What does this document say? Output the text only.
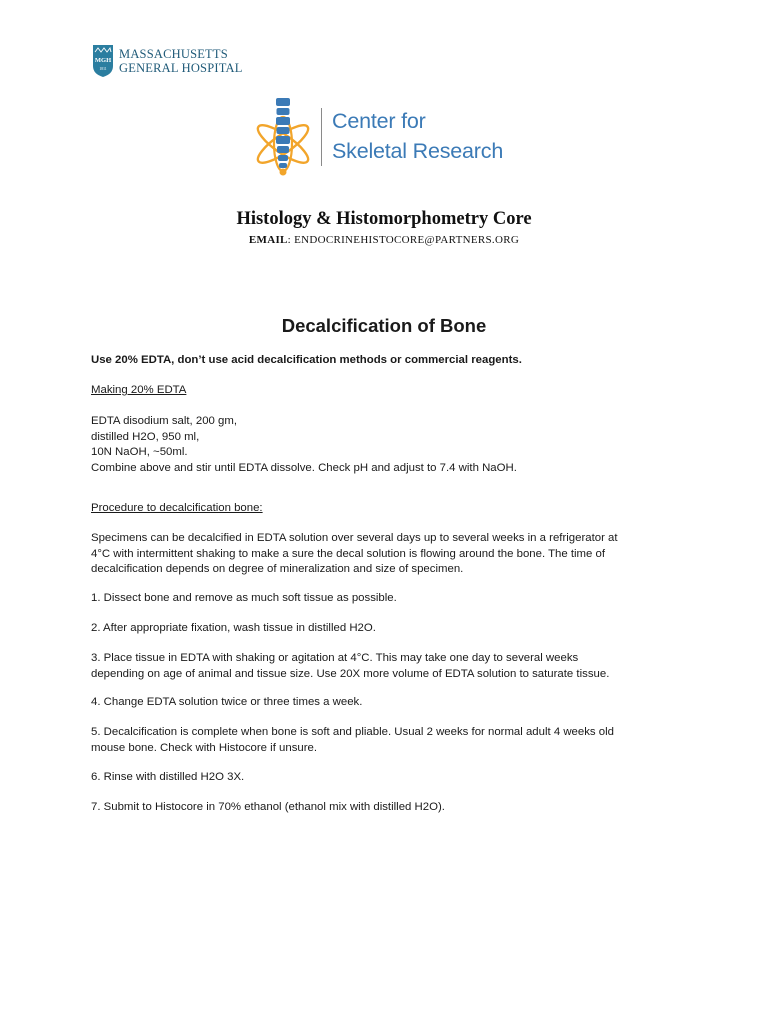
MGH
1811
MASSACHUSETTS
GENERAL HOSPITAL
Center for
Skeletal Research
Histology & Histomorphometry Core
EMAIL: ENDOCRINEHISTOCORE@PARTNERS.ORG
Decalcification of Bone
Use 20% EDTA, don’t use acid decalcification methods or commercial reagents.
Making 20% EDTA
EDTA disodium salt, 200 gm,
distilled H2O, 950 ml,
10N NaOH, ~50ml.
Combine above and stir until EDTA dissolve. Check pH and adjust to 7.4 with NaOH.
Procedure to decalcification bone:
Specimens can be decalcified in EDTA solution over several days up to several weeks in a refrigerator at
4°C with intermittent shaking to make a sure the decal solution is flowing around the bone. The time of
decalcification depends on degree of mineralization and size of specimen.
1. Dissect bone and remove as much soft tissue as possible.
2. After appropriate fixation, wash tissue in distilled H2O.
3. Place tissue in EDTA with shaking or agitation at 4°C. This may take one day to several weeks
depending on age of animal and tissue size. Use 20X more volume of EDTA solution to saturate tissue.
4. Change EDTA solution twice or three times a week.
5. Decalcification is complete when bone is soft and pliable. Usual 2 weeks for normal adult 4 weeks old
mouse bone. Check with Histocore if unsure.
6. Rinse with distilled H2O 3X.
7. Submit to Histocore in 70% ethanol (ethanol mix with distilled H2O).
